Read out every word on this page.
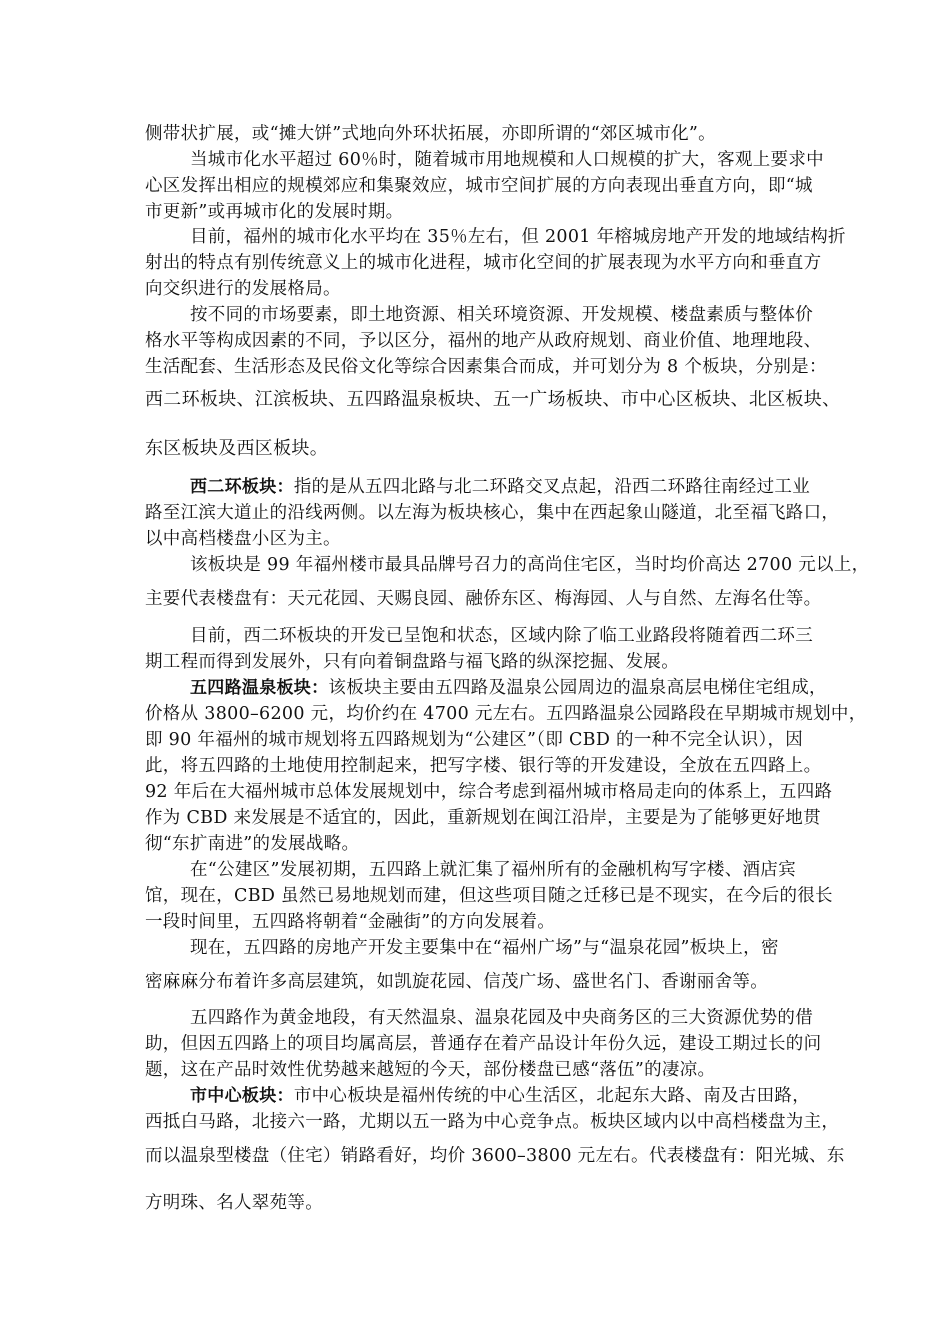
侧带状扩展，或“摊大饼”式地向外环状拓展，亦即所谓的“郊区城市化”。
当城市化水平超过 60％时，随着城市用地规模和人口规模的扩大，客观上要求中
心区发挥出相应的规模郊应和集聚效应，城市空间扩展的方向表现出垂直方向，即“城
市更新”或再城市化的发展时期。
目前，福州的城市化水平均在 35％左右，但 2001 年榕城房地产开发的地域结构折
射出的特点有别传统意义上的城市化进程，城市化空间的扩展表现为水平方向和垂直方
向交织进行的发展格局。
按不同的市场要素，即土地资源、相关环境资源、开发规模、楼盘素质与整体价
格水平等构成因素的不同，予以区分，福州的地产从政府规划、商业价值、地理地段、
生活配套、生活形态及民俗文化等综合因素集合而成，并可划分为 8 个板块，分别是：
西二环板块、江滨板块、五四路温泉板块、五一广场板块、市中心区板块、北区板块、
东区板块及西区板块。
西二环板块：指的是从五四北路与北二环路交叉点起，沿西二环路往南经过工业
路至江滨大道止的沿线两侧。以左海为板块核心，集中在西起象山隧道，北至福飞路口，
以中高档楼盘小区为主。
该板块是 99 年福州楼市最具品牌号召力的高尚住宅区，当时均价高达 2700 元以上，
主要代表楼盘有：天元花园、天赐良园、融侨东区、梅海园、人与自然、左海名仕等。
目前，西二环板块的开发已呈饱和状态，区域内除了临工业路段将随着西二环三
期工程而得到发展外，只有向着铜盘路与福飞路的纵深挖掘、发展。
五四路温泉板块：该板块主要由五四路及温泉公园周边的温泉高层电梯住宅组成，
价格从 3800–6200 元，均价约在 4700 元左右。五四路温泉公园路段在早期城市规划中，
即 90 年福州的城市规划将五四路规划为“公建区”（即 CBD 的一种不完全认识），因
此，将五四路的土地使用控制起来，把写字楼、银行等的开发建设，全放在五四路上。
92 年后在大福州城市总体发展规划中，综合考虑到福州城市格局走向的体系上，五四路
作为 CBD 来发展是不适宜的，因此，重新规划在闽江沿岸，主要是为了能够更好地贯
彻“东扩南进”的发展战略。
在“公建区”发展初期，五四路上就汇集了福州所有的金融机构写字楼、酒店宾
馆，现在，CBD 虽然已易地规划而建，但这些项目随之迁移已是不现实，在今后的很长
一段时间里，五四路将朝着“金融街”的方向发展着。
现在，五四路的房地产开发主要集中在“福州广场”与“温泉花园”板块上，密
密麻麻分布着许多高层建筑，如凯旋花园、信茂广场、盛世名门、香谢丽舍等。
五四路作为黄金地段，有天然温泉、温泉花园及中央商务区的三大资源优势的借
助，但因五四路上的项目均属高层，普通存在着产品设计年份久远，建设工期过长的问
题，这在产品时效性优势越来越短的今天，部份楼盘已感“落伍”的凄凉。
市中心板块：市中心板块是福州传统的中心生活区，北起东大路、南及古田路，
西抵白马路，北接六一路，尤期以五一路为中心竞争点。板块区域内以中高档楼盘为主，
而以温泉型楼盘（住宅）销路看好，均价 3600–3800 元左右。代表楼盘有：阳光城、东
方明珠、名人翠苑等。
